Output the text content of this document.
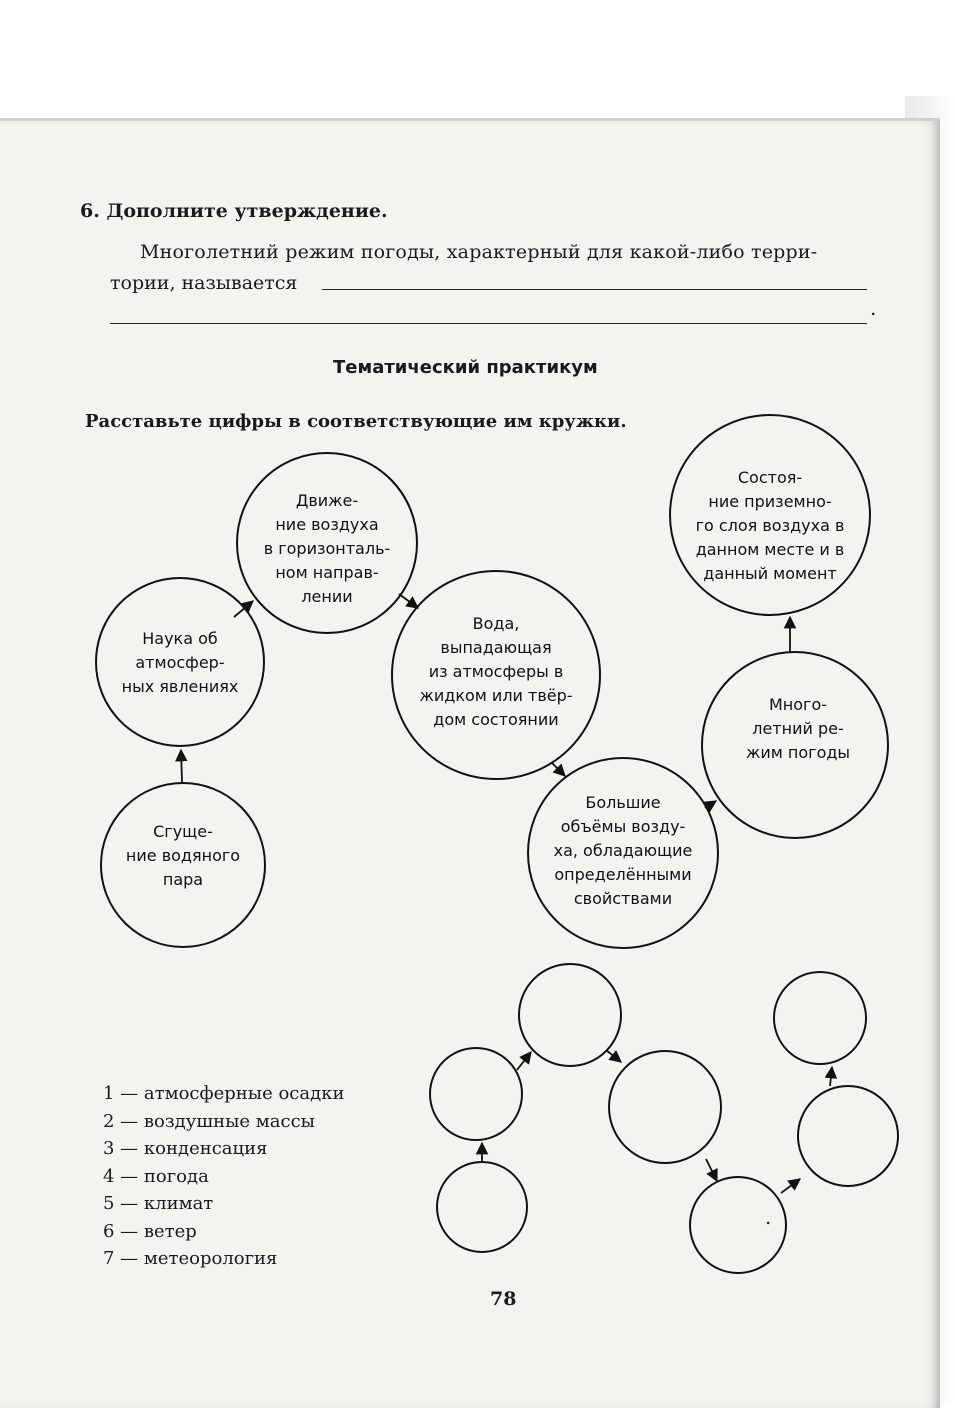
6. Дополните утверждение.
Многолетний режим погоды, характерный для какой-либо терри-
тории, называется
.
Тематический практикум
Расставьте цифры в соответствующие им кружки.
Сгуще-
ние водяного
пара
Наука об
атмосфер-
ных явлениях
Движе-
ние воздуха
в горизонталь-
ном направ-
лении
Вода,
выпадающая
из атмосферы в
жидком или твёр-
дом состоянии
Большие
объёмы возду-
ха, обладающие
определёнными
свойствами
Много-
летний ре-
жим погоды
Состоя-
ние приземно-
го слоя воздуха в
данном месте и в
данный момент
.
1 — атмосферные осадки
2 — воздушные массы
3 — конденсация
4 — погода
5 — климат
6 — ветер
7 — метеорология
78
